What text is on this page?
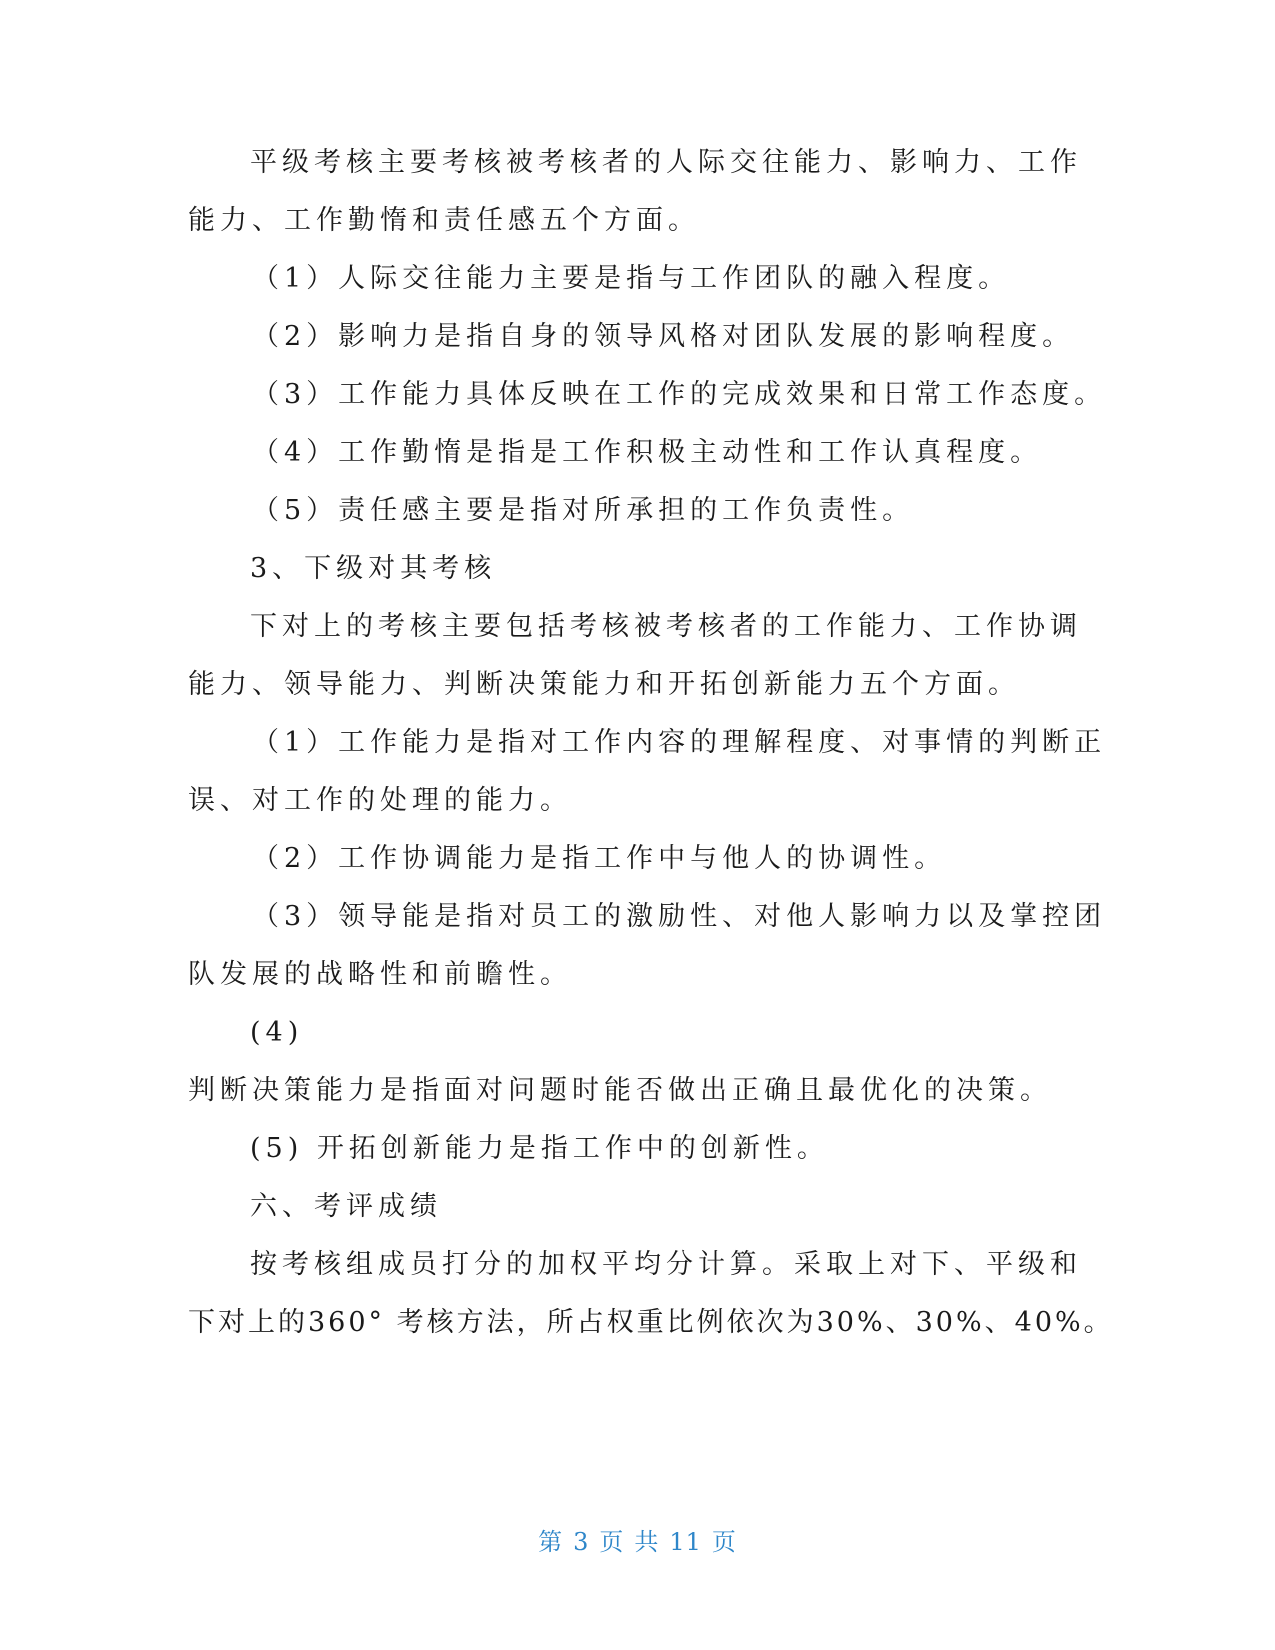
平级考核主要考核被考核者的人际交往能力、影响力、工作
能力、工作勤惰和责任感五个方面。
（1）人际交往能力主要是指与工作团队的融入程度。
（2）影响力是指自身的领导风格对团队发展的影响程度。
（3）工作能力具体反映在工作的完成效果和日常工作态度。
（4）工作勤惰是指是工作积极主动性和工作认真程度。
（5）责任感主要是指对所承担的工作负责性。
3、下级对其考核
下对上的考核主要包括考核被考核者的工作能力、工作协调
能力、领导能力、判断决策能力和开拓创新能力五个方面。
（1）工作能力是指对工作内容的理解程度、对事情的判断正
误、对工作的处理的能力。
（2）工作协调能力是指工作中与他人的协调性。
（3）领导能是指对员工的激励性、对他人影响力以及掌控团
队发展的战略性和前瞻性。
(4)
判断决策能力是指面对问题时能否做出正确且最优化的决策。
(5) 开拓创新能力是指工作中的创新性。
六、考评成绩
按考核组成员打分的加权平均分计算。采取上对下、平级和
下对上的360° 考核方法，所占权重比例依次为30%、30%、40%。
第 3 页 共 11 页
